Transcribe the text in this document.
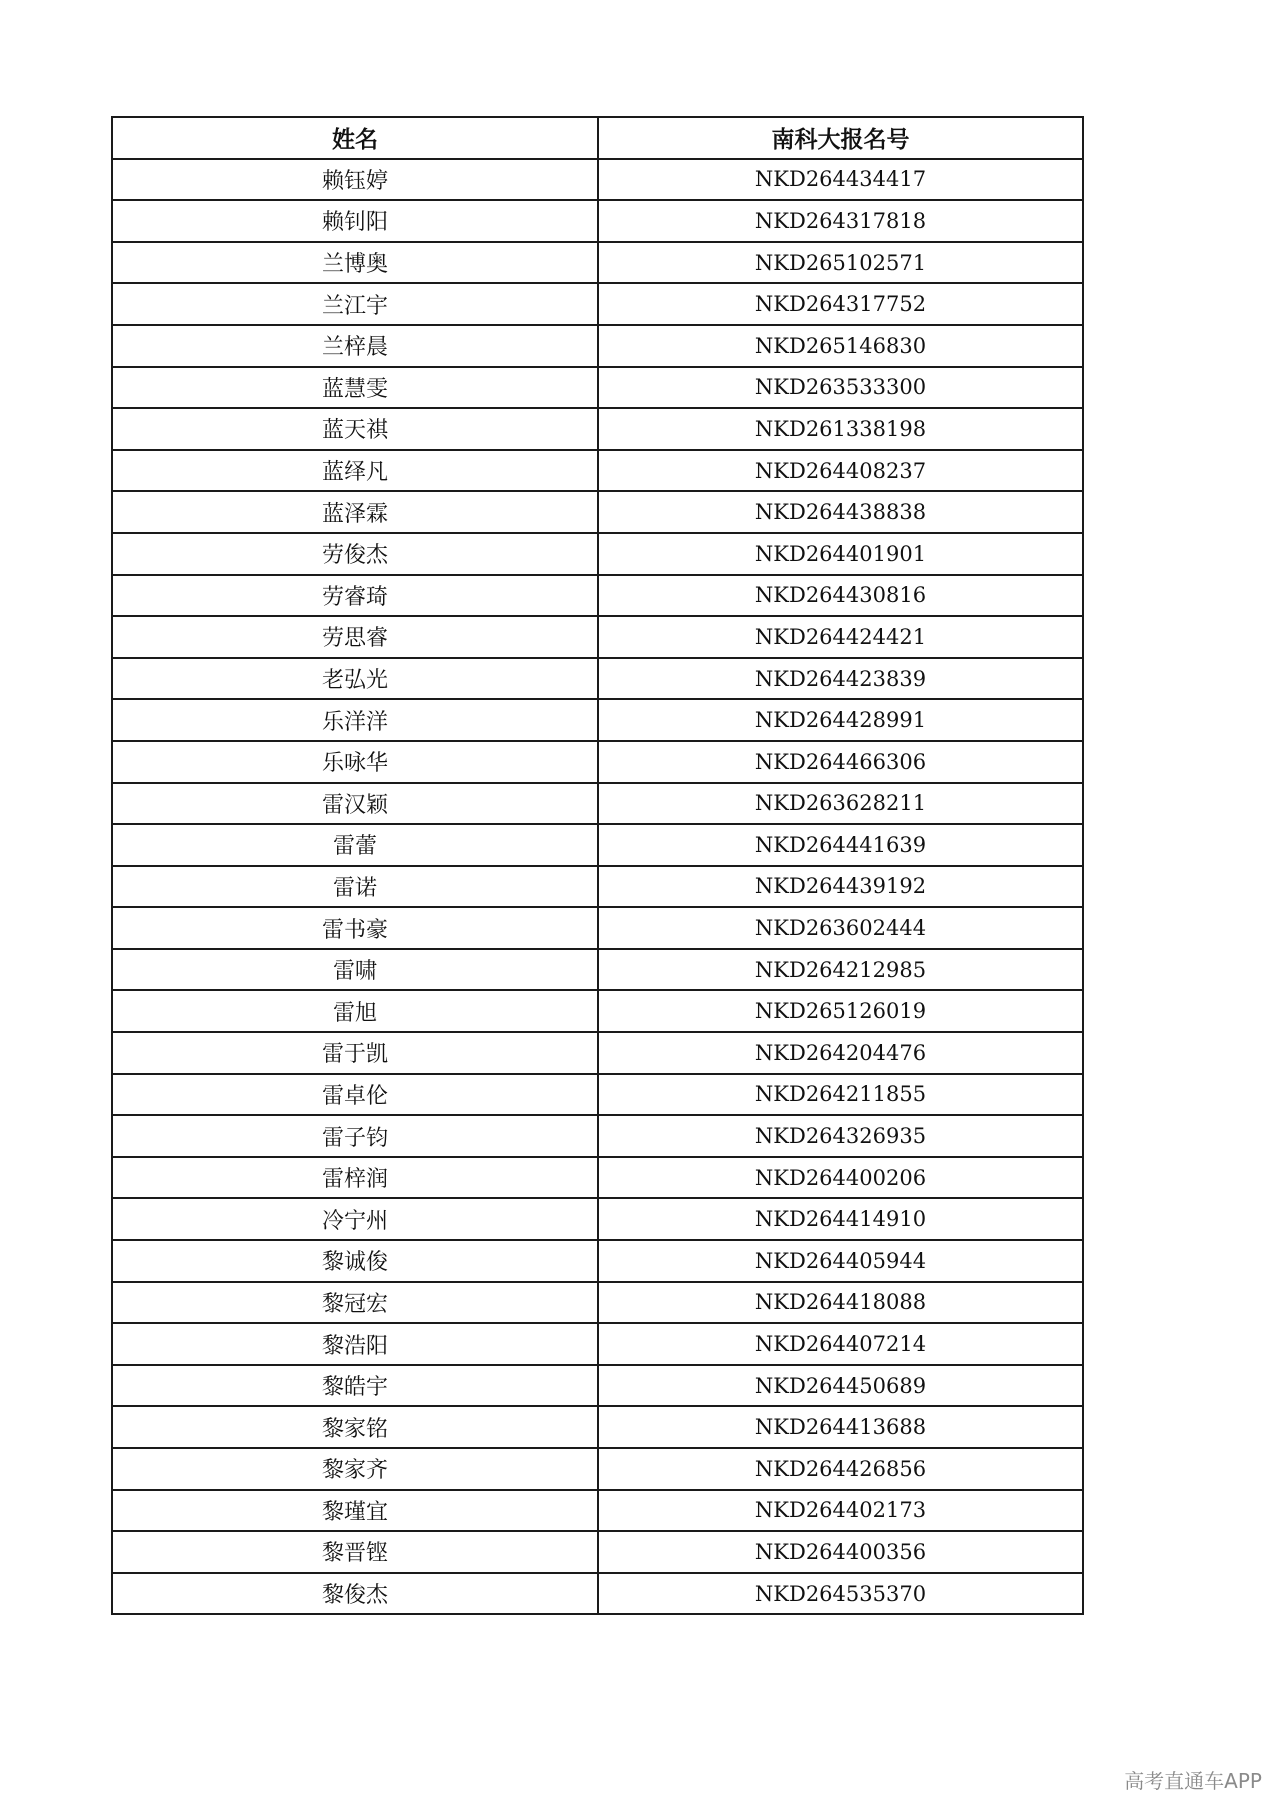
姓名	南科大报名号
赖钰婷	NKD264434417
赖钊阳	NKD264317818
兰博奥	NKD265102571
兰江宇	NKD264317752
兰梓晨	NKD265146830
蓝慧雯	NKD263533300
蓝天祺	NKD261338198
蓝绎凡	NKD264408237
蓝泽霖	NKD264438838
劳俊杰	NKD264401901
劳睿琦	NKD264430816
劳思睿	NKD264424421
老弘光	NKD264423839
乐洋洋	NKD264428991
乐咏华	NKD264466306
雷汉颖	NKD263628211
雷蕾	NKD264441639
雷诺	NKD264439192
雷书豪	NKD263602444
雷啸	NKD264212985
雷旭	NKD265126019
雷于凯	NKD264204476
雷卓伦	NKD264211855
雷子钧	NKD264326935
雷梓润	NKD264400206
冷宁州	NKD264414910
黎诚俊	NKD264405944
黎冠宏	NKD264418088
黎浩阳	NKD264407214
黎皓宇	NKD264450689
黎家铭	NKD264413688
黎家齐	NKD264426856
黎瑾宜	NKD264402173
黎晋铿	NKD264400356
黎俊杰	NKD264535370
高考直通车APP
